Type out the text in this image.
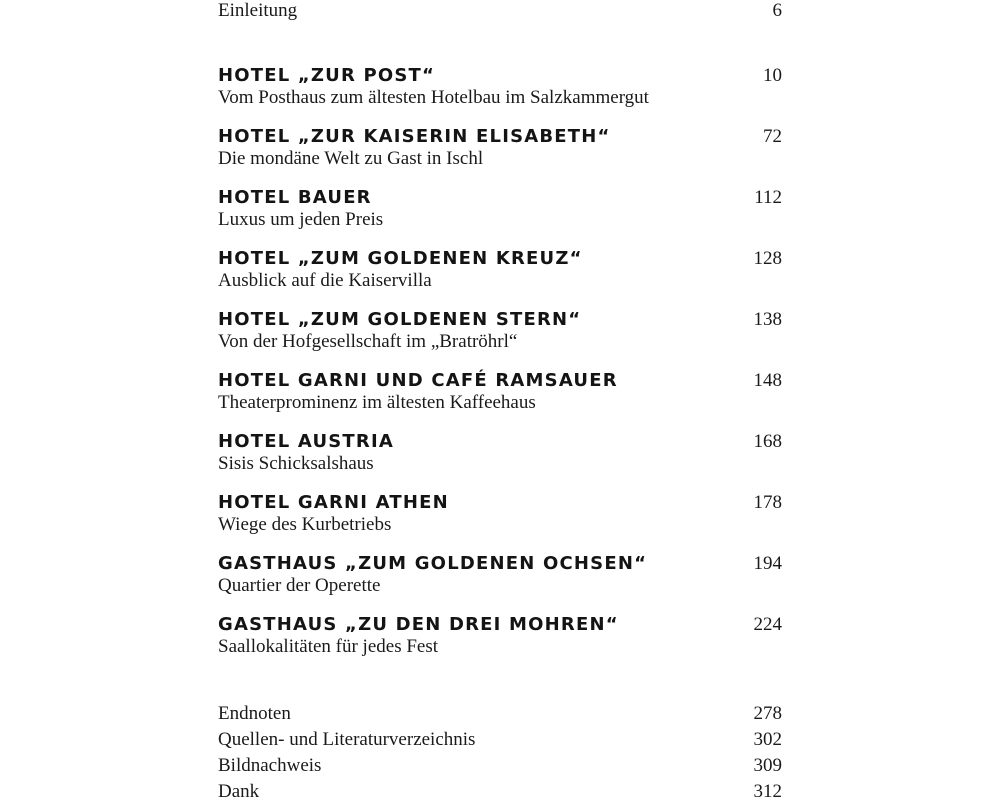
Einleitung	6
HOTEL „ZUR POST“	10
Vom Posthaus zum ältesten Hotelbau im Salzkammergut
HOTEL „ZUR KAISERIN ELISABETH“	72
Die mondäne Welt zu Gast in Ischl
HOTEL BAUER	112
Luxus um jeden Preis
HOTEL „ZUM GOLDENEN KREUZ“	128
Ausblick auf die Kaiservilla
HOTEL „ZUM GOLDENEN STERN“	138
Von der Hofgesellschaft im „Bratröhrl“
HOTEL GARNI UND CAFÉ RAMSAUER	148
Theaterprominenz im ältesten Kaffeehaus
HOTEL AUSTRIA	168
Sisis Schicksalshaus
HOTEL GARNI ATHEN	178
Wiege des Kurbetriebs
GASTHAUS „ZUM GOLDENEN OCHSEN“	194
Quartier der Operette
GASTHAUS „ZU DEN DREI MOHREN“	224
Saallokalitäten für jedes Fest
Endnoten	278
Quellen- und Literaturverzeichnis	302
Bildnachweis	309
Dank	312
